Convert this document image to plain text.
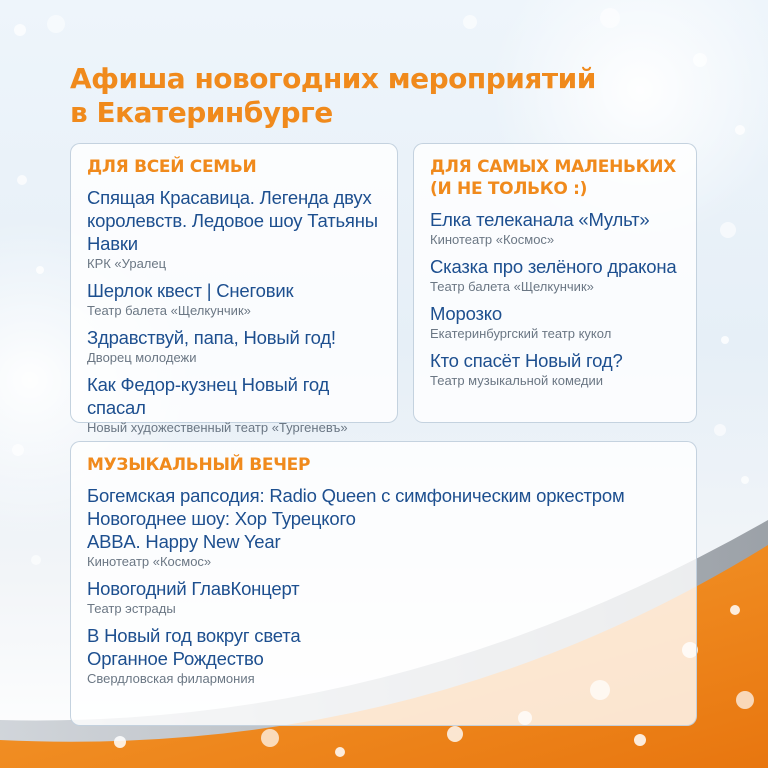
Афиша новогодних мероприятий
в Екатеринбурге
ДЛЯ ВСЕЙ СЕМЬИ
Спящая Красавица. Легенда двух
королевств. Ледовое шоу Татьяны Навки
КРК «Уралец
Шерлок квест | Снеговик
Театр балета «Щелкунчик»
Здравствуй, папа, Новый год!
Дворец молодежи
Как Федор-кузнец Новый год спасал
Новый художественный театр «Тургеневъ»
ДЛЯ САМЫХ МАЛЕНЬКИХ
(И НЕ ТОЛЬКО :)
Елка телеканала «Мульт»
Кинотеатр «Космос»
Сказка про зелёного дракона
Театр балета «Щелкунчик»
Морозко
Екатеринбургский театр кукол
Кто спасёт Новый год?
Театр музыкальной комедии
МУЗЫКАЛЬНЫЙ ВЕЧЕР
Богемская рапсодия: Radio Queen с симфоническим оркестром
Новогоднее шоу: Хор Турецкого
ABBA. Happy New Year
Кинотеатр «Космос»
Новогодний ГлавКонцерт
Театр эстрады
В Новый год вокруг света
Органное Рождество
Свердловская филармония
